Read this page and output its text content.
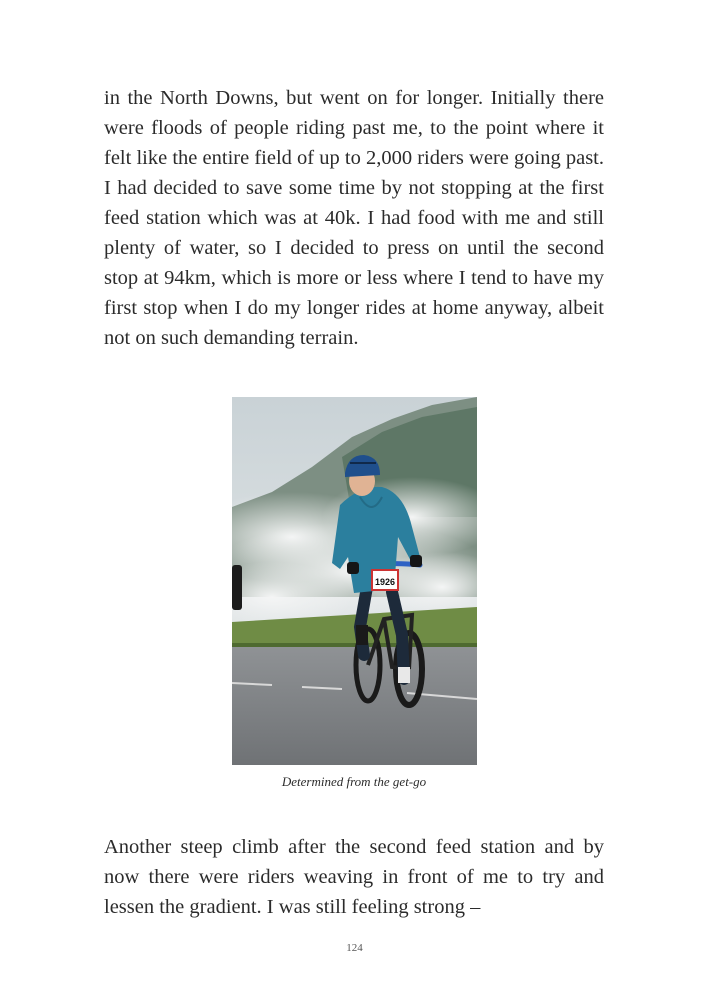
in the North Downs, but went on for longer. Initially there were floods of people riding past me, to the point where it felt like the entire field of up to 2,000 riders were going past. I had decided to save some time by not stopping at the first feed station which was at 40k. I had food with me and still plenty of water, so I decided to press on until the second stop at 94km, which is more or less where I tend to have my first stop when I do my longer rides at home anyway, albeit not on such demanding terrain.

1926
Determined from the get-go

Another steep climb after the second feed station and by now there were riders weaving in front of me to try and lessen the gradient. I was still feeling strong –

124
